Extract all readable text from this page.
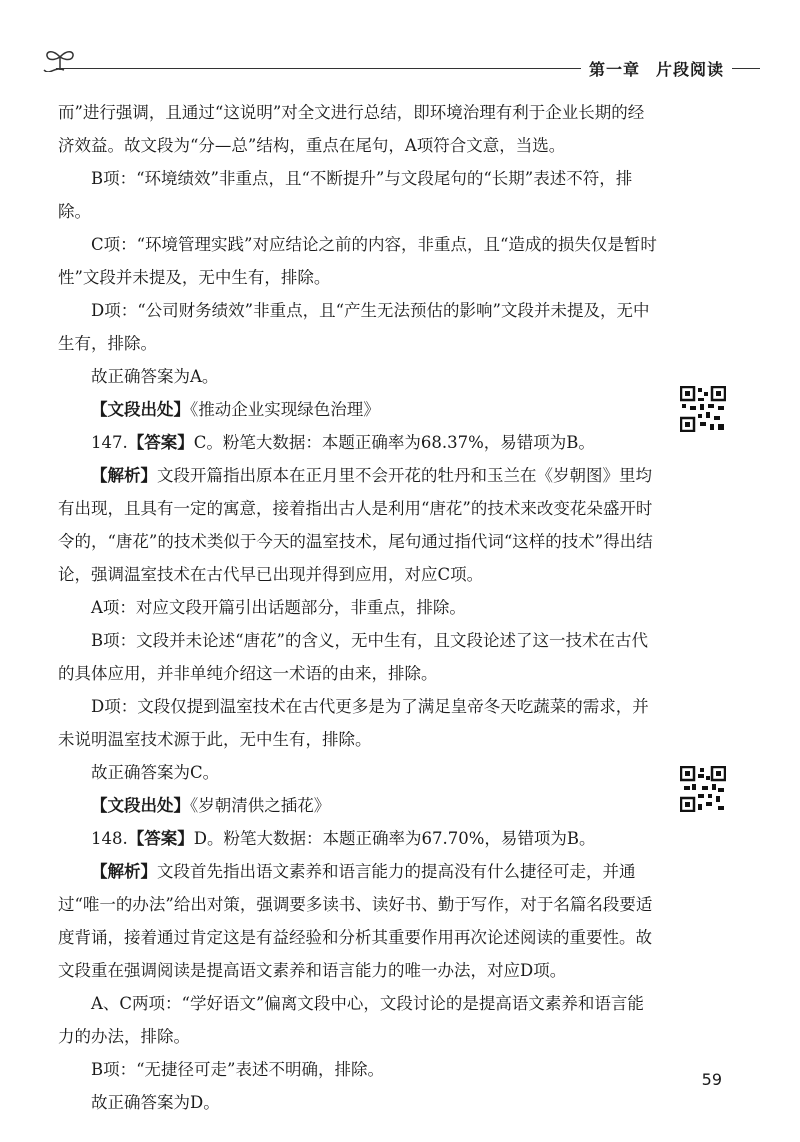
第一章 片段阅读

而”进行强调，且通过“这说明”对全文进行总结，即环境治理有利于企业长期的经济效益。故文段为“分—总”结构，重点在尾句，A项符合文意，当选。

B项：“环境绩效”非重点，且“不断提升”与文段尾句的“长期”表述不符，排除。

C项：“环境管理实践”对应结论之前的内容，非重点，且“造成的损失仅是暂时性”文段并未提及，无中生有，排除。

D项：“公司财务绩效”非重点，且“产生无法预估的影响”文段并未提及，无中生有，排除。

故正确答案为A。

【文段出处】《推动企业实现绿色治理》

147.【答案】C。粉笔大数据：本题正确率为68.37%，易错项为B。

【解析】文段开篇指出原本在正月里不会开花的牡丹和玉兰在《岁朝图》里均有出现，且具有一定的寓意，接着指出古人是利用“唐花”的技术来改变花朵盛开时令的，“唐花”的技术类似于今天的温室技术，尾句通过指代词“这样的技术”得出结论，强调温室技术在古代早已出现并得到应用，对应C项。

A项：对应文段开篇引出话题部分，非重点，排除。

B项：文段并未论述“唐花”的含义，无中生有，且文段论述了这一技术在古代的具体应用，并非单纯介绍这一术语的由来，排除。

D项：文段仅提到温室技术在古代更多是为了满足皇帝冬天吃蔬菜的需求，并未说明温室技术源于此，无中生有，排除。

故正确答案为C。

【文段出处】《岁朝清供之插花》

148.【答案】D。粉笔大数据：本题正确率为67.70%，易错项为B。

【解析】文段首先指出语文素养和语言能力的提高没有什么捷径可走，并通过“唯一的办法”给出对策，强调要多读书、读好书、勤于写作，对于名篇名段要适度背诵，接着通过肯定这是有益经验和分析其重要作用再次论述阅读的重要性。故文段重在强调阅读是提高语文素养和语言能力的唯一办法，对应D项。

A、C两项：“学好语文”偏离文段中心，文段讨论的是提高语文素养和语言能力的办法，排除。

B项：“无捷径可走”表述不明确，排除。

故正确答案为D。

59
